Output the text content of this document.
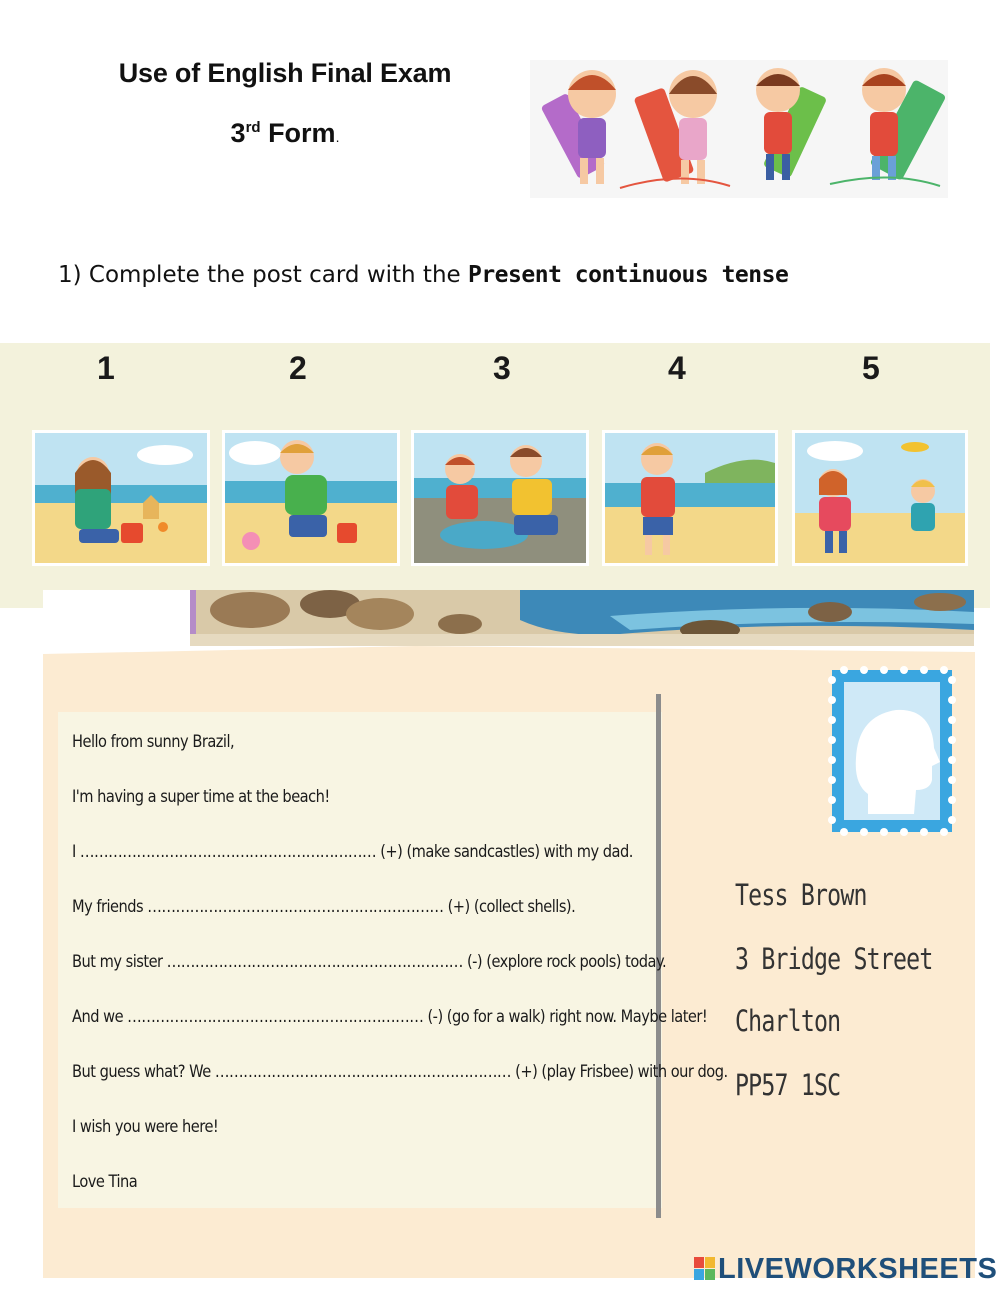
Use of English Final Exam
3rd Form.
1) Complete the post card with the Present continuous tense
1	2	3	4	5
Hello from sunny Brazil,
I'm having a super time at the beach!
I ……………………………………………………… (+) (make sandcastles) with my dad.
My friends ……………………………………………………… (+) (collect shells).
But my sister ……………………………………………………… (-) (explore rock pools) today.
And we ……………………………………………………… (-) (go for a walk) right now. Maybe later!
But guess what? We ……………………………………………………… (+) (play Frisbee) with our dog.
I wish you were here!
Love Tina
Tess Brown
3 Bridge Street
Charlton
PP57 1SC
LIVEWORKSHEETS
